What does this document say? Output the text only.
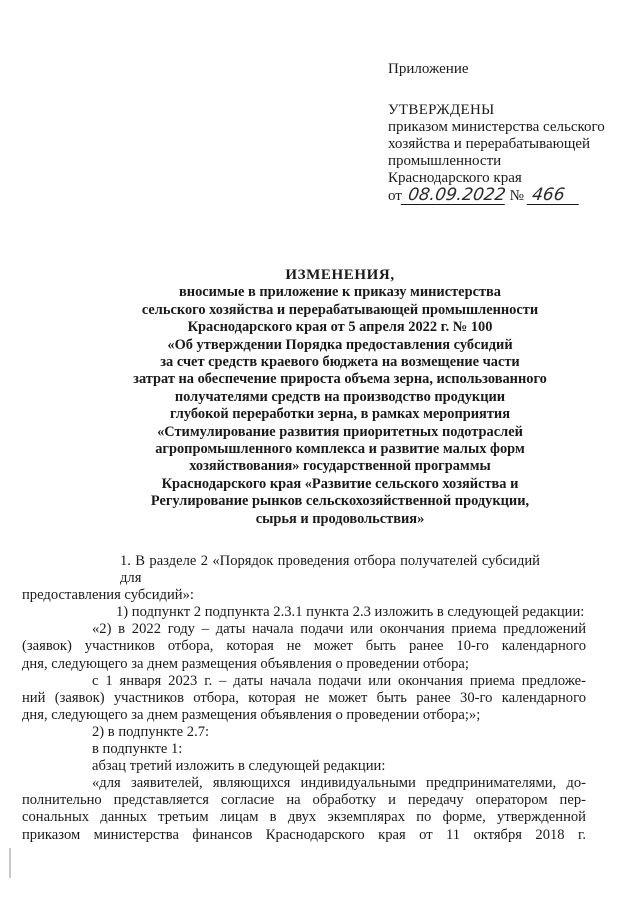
Приложение

УТВЕРЖДЕНЫ

приказом министерства сельского

хозяйства и перерабатывающей

промышленности

Краснодарского края

от 08.09.2022 № 466

ИЗМЕНЕНИЯ,
вносимые в приложение к приказу министерства
сельского хозяйства и перерабатывающей промышленности
Краснодарского края от 5 апреля 2022 г. № 100
«Об утверждении Порядка предоставления субсидий
за счет средств краевого бюджета на возмещение части
затрат на обеспечение прироста объема зерна, использованного
получателями средств на производство продукции
глубокой переработки зерна, в рамках мероприятия
«Стимулирование развития приоритетных подотраслей
агропромышленного комплекса и развитие малых форм
хозяйствования» государственной программы
Краснодарского края «Развитие сельского хозяйства и
Регулирование рынков сельскохозяйственной продукции,
сырья и продовольствия»
1. В разделе 2 «Порядок проведения отбора получателей субсидий для
предоставления субсидий»:
1) подпункт 2 подпункта 2.3.1 пункта 2.3 изложить в следующей редакции:
«2) в 2022 году – даты начала подачи или окончания приема предложений
(заявок) участников отбора, которая не может быть ранее 10-го календарного
дня, следующего за днем размещения объявления о проведении отбора;
с 1 января 2023 г. – даты начала подачи или окончания приема предложе-
ний (заявок) участников отбора, которая не может быть ранее 30-го календарного
дня, следующего за днем размещения объявления о проведении отбора;»;
2) в подпункте 2.7:
в подпункте 1:
абзац третий изложить в следующей редакции:
«для заявителей, являющихся индивидуальными предпринимателями, до-
полнительно представляется согласие на обработку и передачу оператором пер-
сональных данных третьим лицам в двух экземплярах по форме, утвержденной
приказом министерства финансов Краснодарского края от 11 октября 2018 г.
